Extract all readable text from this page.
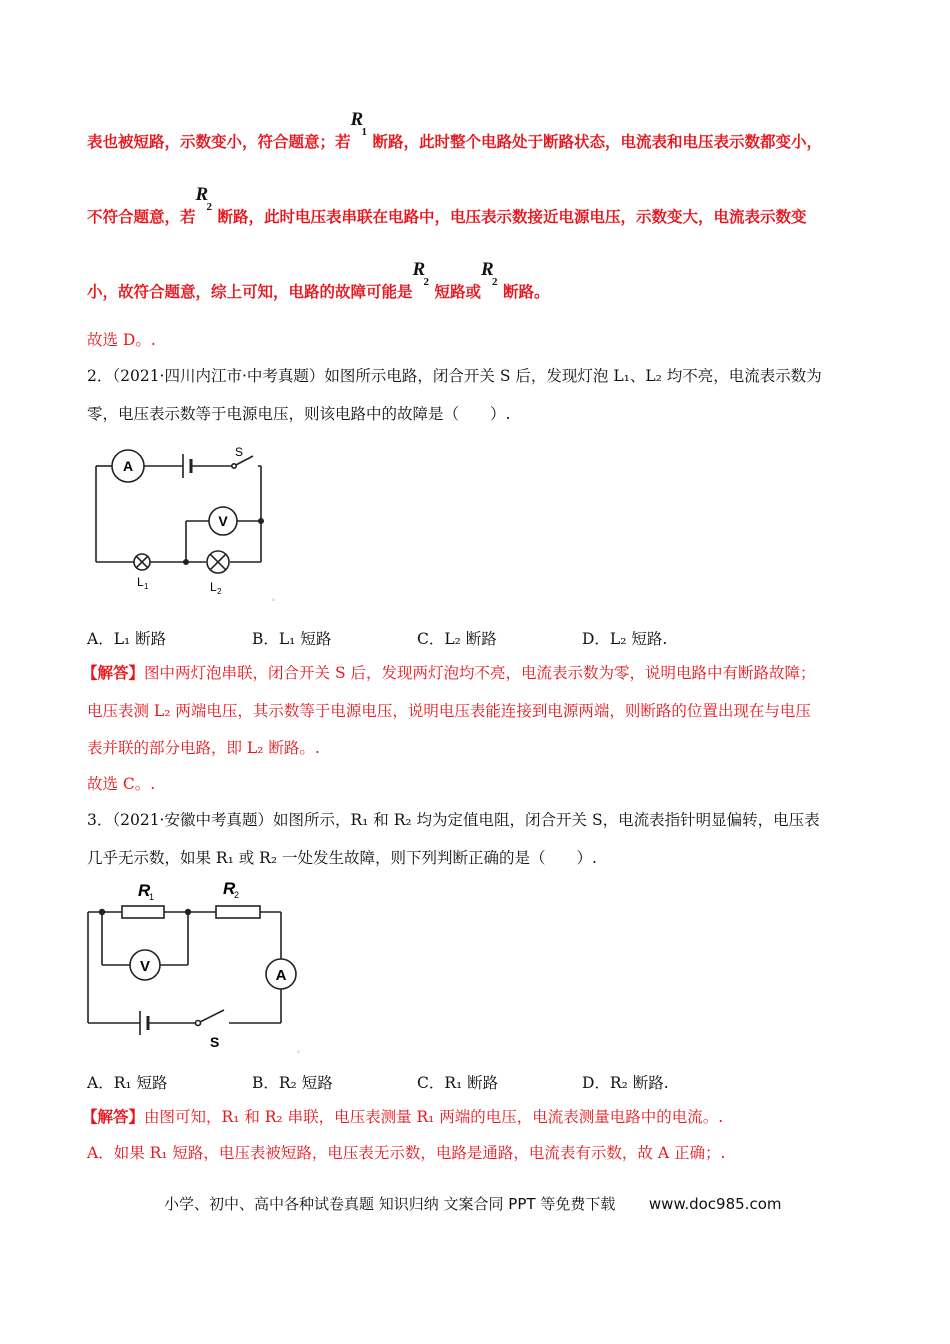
表也被短路，示数变小，符合题意；若
R
1 断路，此时整个电路处于断路状态，电流表和电压表示数都变小，
不符合题意，若
R
2 断路，此时电压表串联在电路中，电压表示数接近电源电压，示数变大，电流表示数变
小，故符合题意，综上可知，电路的故障可能是
R
2 短路或
R
2 断路。
故选 D。.
2．（2021·四川内江市·中考真题）如图所示电路，闭合开关 S 后，发现灯泡 L₁、L₂ 均不亮，电流表示数为
零，电压表示数等于电源电压，则该电路中的故障是（　　）.
A
V
S
L 1	L 2
。
A．L₁ 断路	B．L₁ 短路	C．L₂ 断路	D．L₂ 短路.
【解答】图中两灯泡串联，闭合开关 S 后，发现两灯泡均不亮，电流表示数为零，说明电路中有断路故障；
电压表测 L₂ 两端电压，其示数等于电源电压，说明电压表能连接到电源两端，则断路的位置出现在与电压
表并联的部分电路，即 L₂ 断路。.
故选 C。.
3．（2021·安徽中考真题）如图所示，R₁ 和 R₂ 均为定值电阻，闭合开关 S，电流表指针明显偏转，电压表
几乎无示数，如果 R₁ 或 R₂ 一处发生故障，则下列判断正确的是（　　）.
R
1	R
2
V
A
S	。
A．R₁ 短路	B．R₂ 短路	C．R₁ 断路	D．R₂ 断路.
【解答】由图可知，R₁ 和 R₂ 串联，电压表测量 R₁ 两端的电压，电流表测量电路中的电流。.
A．如果 R₁ 短路，电压表被短路，电压表无示数，电路是通路，电流表有示数，故 A 正确；.
小学、初中、高中各种试卷真题 知识归纳 文案合同 PPT 等免费下载 www.doc985.com
